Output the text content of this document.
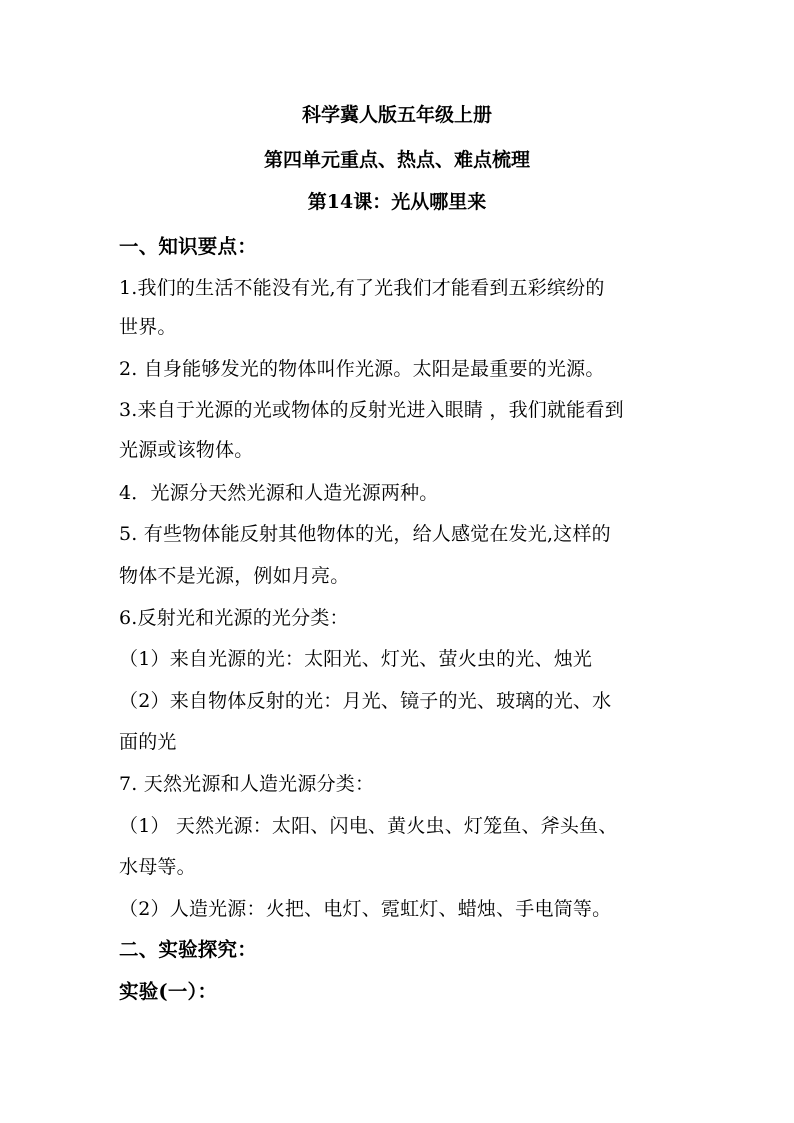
科学冀人版五年级上册
第四单元重点、热点、难点梳理
第14课：光从哪里来
一、知识要点：
1.我们的生活不能没有光,有了光我们才能看到五彩缤纷的
世界。
2. 自身能够发光的物体叫作光源。太阳是最重要的光源。
3.来自于光源的光或物体的反射光进入眼睛 ，我们就能看到
光源或该物体。
4．光源分天然光源和人造光源两种。
5. 有些物体能反射其他物体的光，给人感觉在发光,这样的
物体不是光源，例如月亮。
6.反射光和光源的光分类：
（1）来自光源的光：太阳光、灯光、萤火虫的光、烛光
（2）来自物体反射的光：月光、镜子的光、玻璃的光、水
面的光
7. 天然光源和人造光源分类：
（1） 天然光源：太阳、闪电、黄火虫、灯笼鱼、斧头鱼、
水母等。
（2）人造光源：火把、电灯、霓虹灯、蜡烛、手电筒等。
二、实验探究：
实验(一）：
